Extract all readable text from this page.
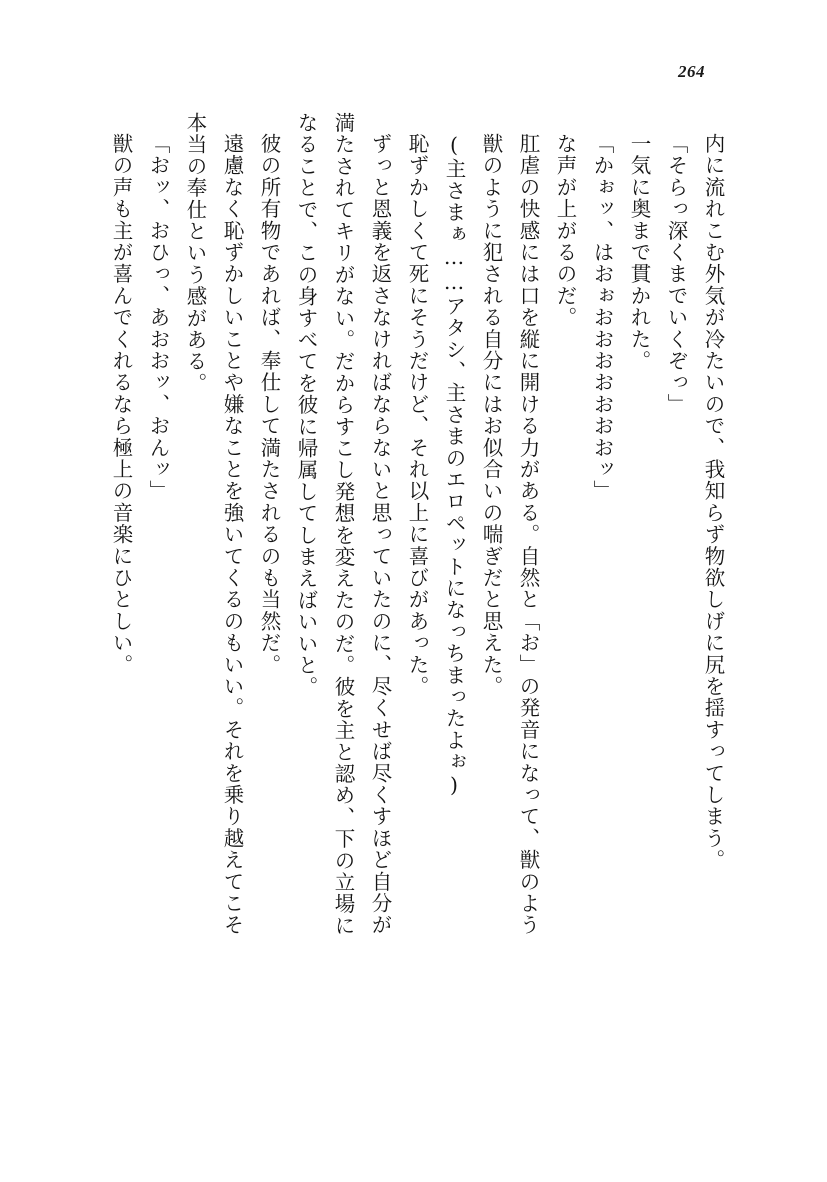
264

内に流れこむ外気が冷たいので、我知らず物欲しげに尻を揺すってしまう。

「そらっ深くまでいくぞっ」

一気に奥まで貫かれた。

「かぉッ、はおぉおおおおおおおッ」

な声が上がるのだ。

肛虐の快感には口を縦に開ける力がある。自然と「お」の発音になって、獣のよう

獣のように犯される自分にはお似合いの喘ぎだと思えた。

(主さまぁ……アタシ、主さまのエロペットになっちまったよぉ)

恥ずかしくて死にそうだけど、それ以上に喜びがあった。

ずっと恩義を返さなければならないと思っていたのに、尽くせば尽くすほど自分が

満たされてキリがない。だからすこし発想を変えたのだ。彼を主と認め、下の立場に

なることで、この身すべてを彼に帰属してしまえばいいと。

彼の所有物であれば、奉仕して満たされるのも当然だ。

遠慮なく恥ずかしいことや嫌なことを強いてくるのもいい。それを乗り越えてこそ

本当の奉仕という感がある。

「おッ、おひっ、あおおッ、おんッ」

獣の声も主が喜んでくれるなら極上の音楽にひとしい。
